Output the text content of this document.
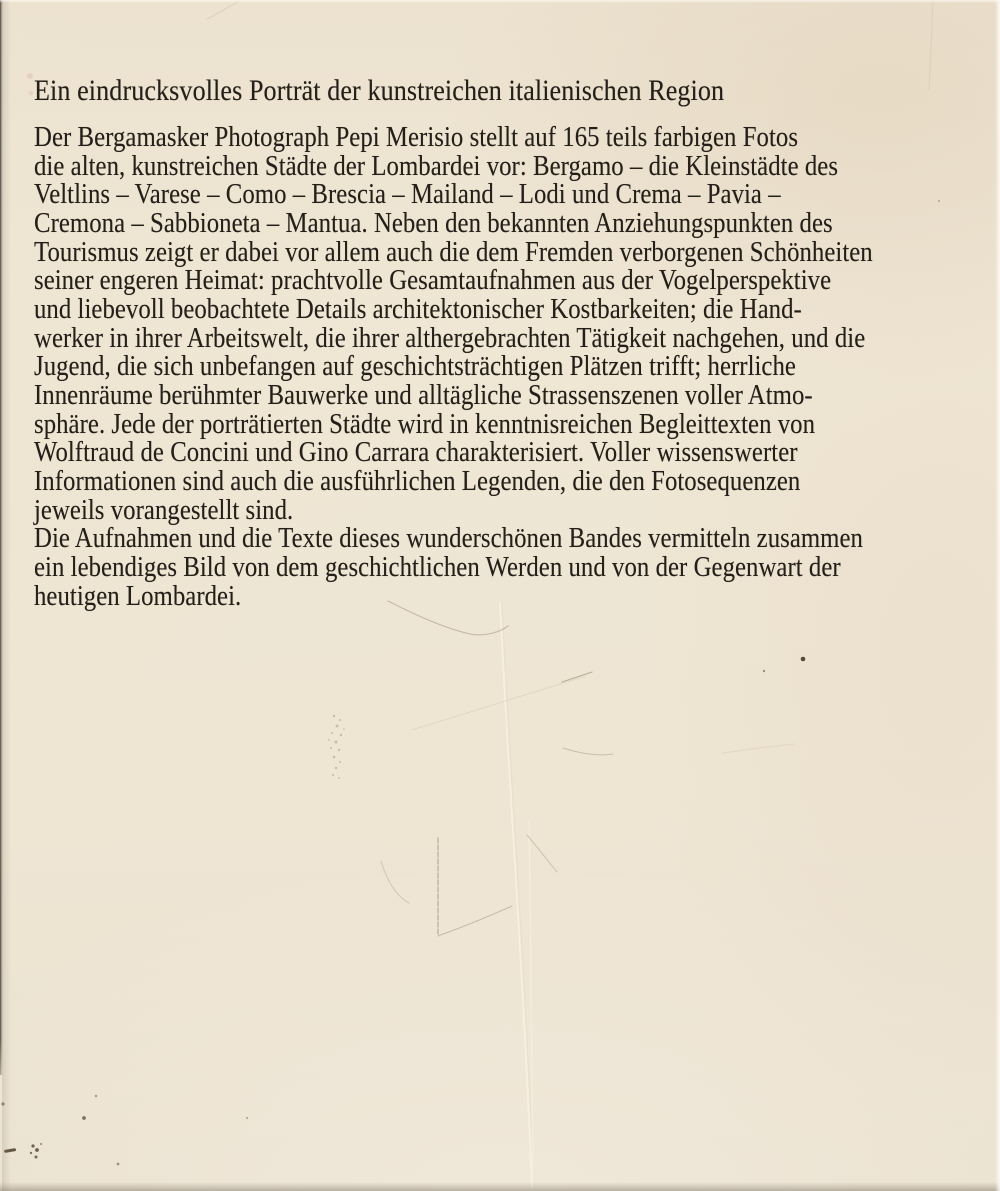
Ein eindrucksvolles Porträt der kunstreichen italienischen Region
Der Bergamasker Photograph Pepi Merisio stellt auf 165 teils farbigen Fotos
die alten, kunstreichen Städte der Lombardei vor: Bergamo – die Kleinstädte des
Veltlins – Varese – Como – Brescia – Mailand – Lodi und Crema – Pavia –
Cremona – Sabbioneta – Mantua. Neben den bekannten Anziehungspunkten des
Tourismus zeigt er dabei vor allem auch die dem Fremden verborgenen Schönheiten
seiner engeren Heimat: prachtvolle Gesamtaufnahmen aus der Vogelperspektive
und liebevoll beobachtete Details architektonischer Kostbarkeiten; die Hand-
werker in ihrer Arbeitswelt, die ihrer althergebrachten Tätigkeit nachgehen, und die
Jugend, die sich unbefangen auf geschichtsträchtigen Plätzen trifft; herrliche
Innenräume berühmter Bauwerke und alltägliche Strassenszenen voller Atmo-
sphäre. Jede der porträtierten Städte wird in kenntnisreichen Begleittexten von
Wolftraud de Concini und Gino Carrara charakterisiert. Voller wissenswerter
Informationen sind auch die ausführlichen Legenden, die den Fotosequenzen
jeweils vorangestellt sind.
Die Aufnahmen und die Texte dieses wunderschönen Bandes vermitteln zusammen
ein lebendiges Bild von dem geschichtlichen Werden und von der Gegenwart der
heutigen Lombardei.
